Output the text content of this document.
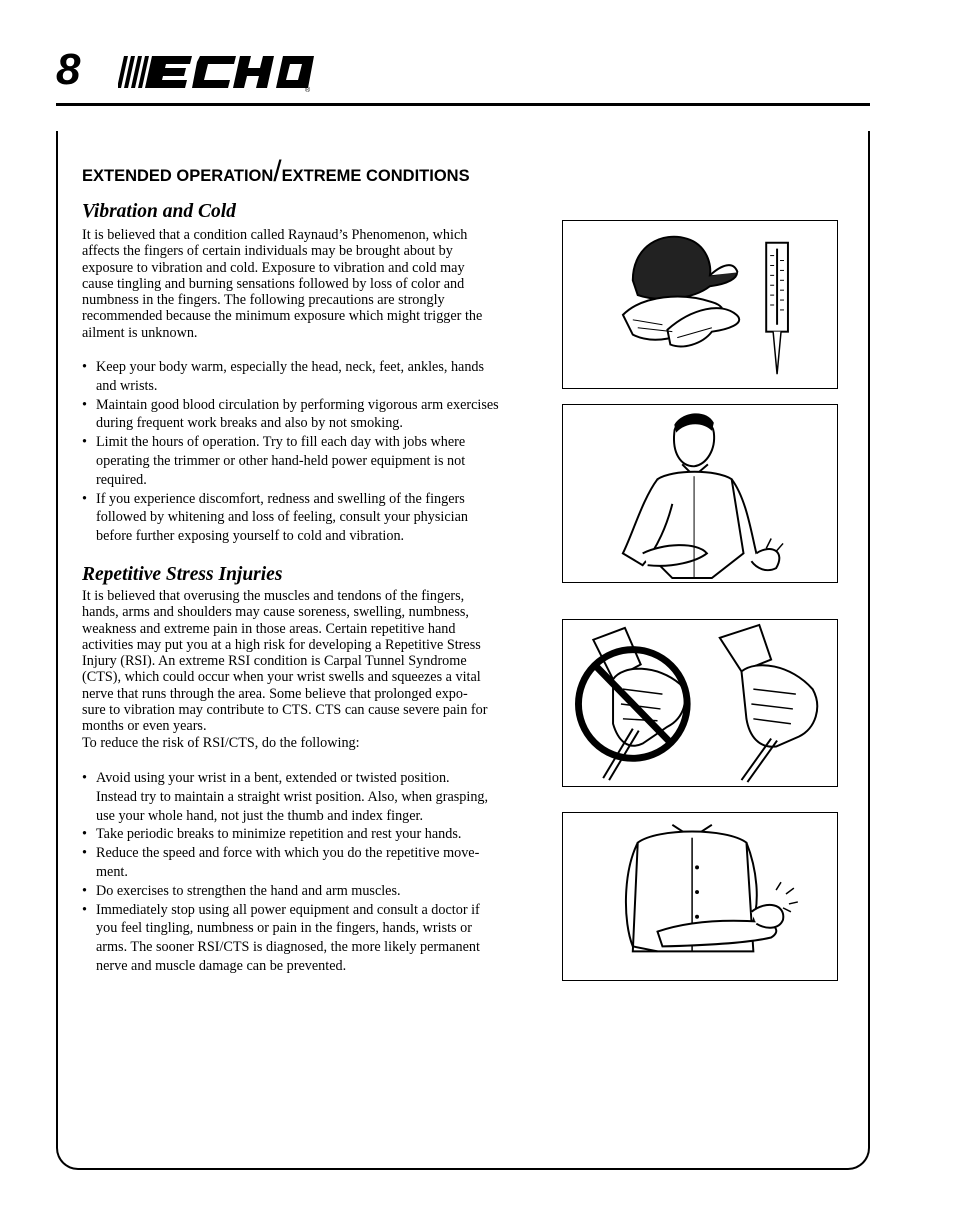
8	®
EXTENDED OPERATION/EXTREME CONDITIONS
Vibration and Cold
It is believed that a condition called Raynaud’s Phenomenon, which
affects the fingers of certain individuals may be brought about by
exposure to vibration and cold. Exposure to vibration and cold may
cause tingling and burning sensations followed by loss of color and
numbness in the fingers. The following precautions are strongly
recommended because the minimum exposure which might trigger the
ailment is unknown.
• Keep your body warm, especially the head, neck, feet, ankles, hands
and wrists.
• Maintain good blood circulation by performing vigorous arm exercises
during frequent work breaks and also by not smoking.
• Limit the hours of operation. Try to fill each day with jobs where
operating the trimmer or other hand-held power equipment is not
required.
• If you experience discomfort, redness and swelling of the fingers
followed by whitening and loss of feeling, consult your physician
before further exposing yourself to cold and vibration.
Repetitive Stress Injuries
It is believed that overusing the muscles and tendons of the fingers,
hands, arms and shoulders may cause soreness, swelling, numbness,
weakness and extreme pain in those areas. Certain repetitive hand
activities may put you at a high risk for developing a Repetitive Stress
Injury (RSI). An extreme RSI condition is Carpal Tunnel Syndrome
(CTS), which could occur when your wrist swells and squeezes a vital
nerve that runs through the area. Some believe that prolonged expo-
sure to vibration may contribute to CTS. CTS can cause severe pain for
months or even years.
To reduce the risk of RSI/CTS, do the following:
• Avoid using your wrist in a bent, extended or twisted position.
Instead try to maintain a straight wrist position. Also, when grasping,
use your whole hand, not just the thumb and index finger.
• Take periodic breaks to minimize repetition and rest your hands.
• Reduce the speed and force with which you do the repetitive move-
ment.
• Do exercises to strengthen the hand and arm muscles.
• Immediately stop using all power equipment and consult a doctor if
you feel tingling, numbness or pain in the fingers, hands, wrists or
arms. The sooner RSI/CTS is diagnosed, the more likely permanent
nerve and muscle damage can be prevented.
